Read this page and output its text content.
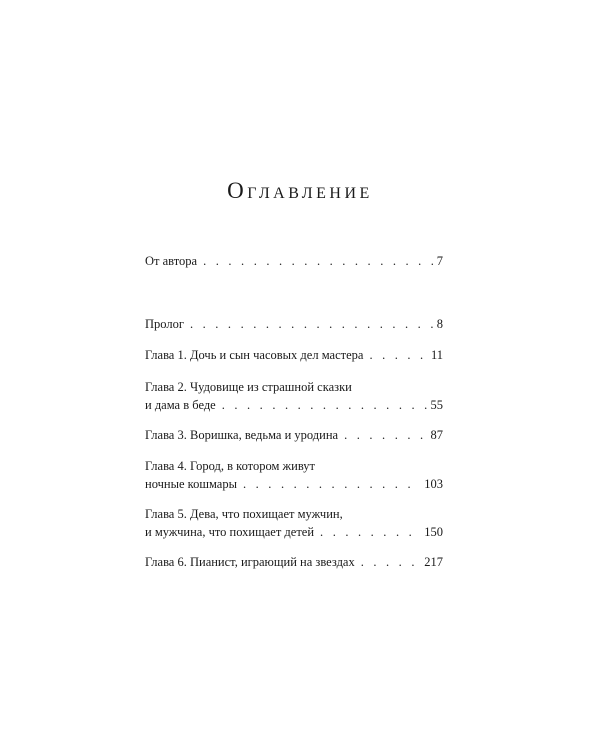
Оглавление
От автора . . .	7
Пролог . . .	8
Глава 1. Дочь и сын часовых дел мастера . . .	11
Глава 2. Чудовище из страшной сказки
и дама в беде . . .	55
Глава 3. Воришка, ведьма и уродина . . .	87
Глава 4. Город, в котором живут
ночные кошмары . . .	103
Глава 5. Дева, что похищает мужчин,
и мужчина, что похищает детей . . .	150
Глава 6. Пианист, играющий на звездах . . .	217
